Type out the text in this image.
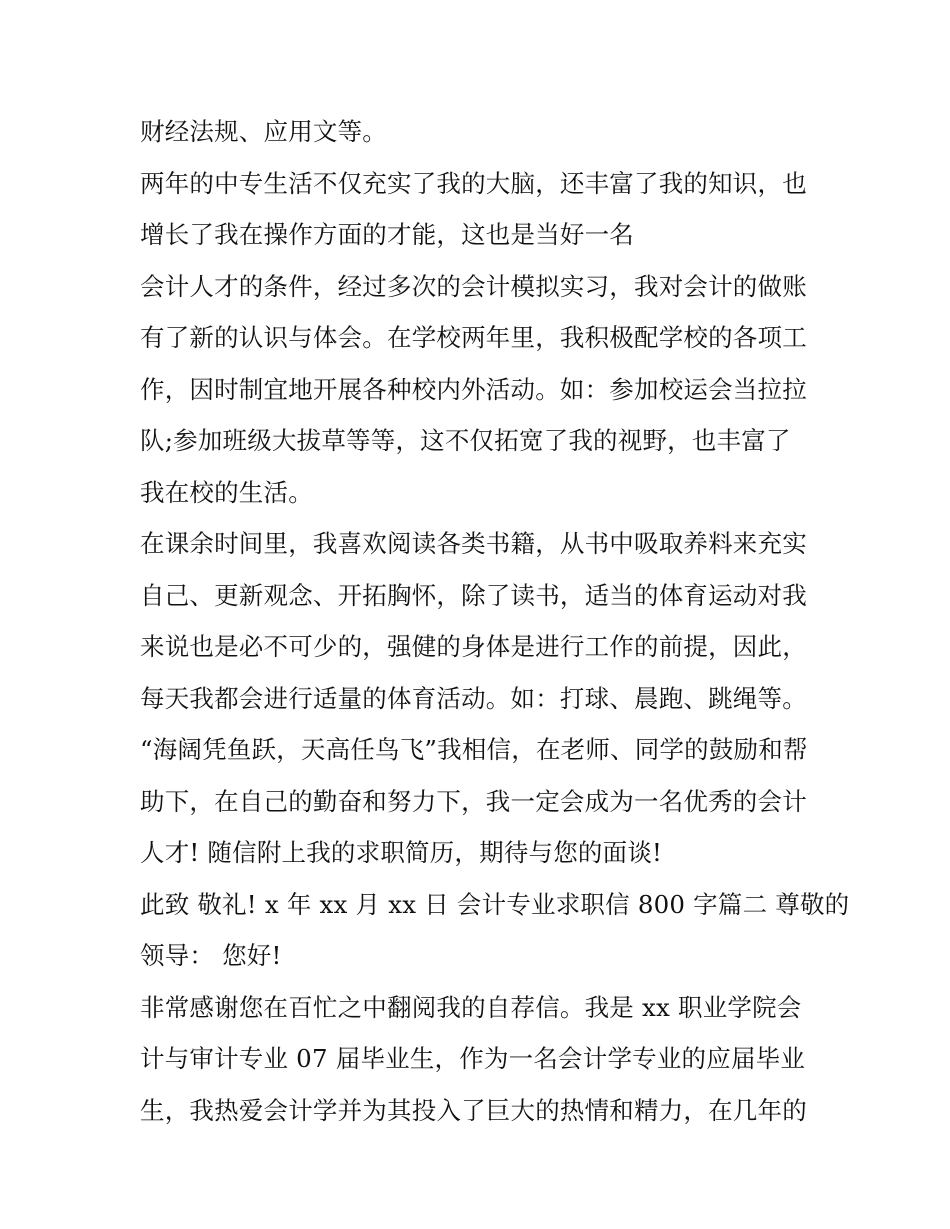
财经法规、应用文等。
两年的中专生活不仅充实了我的大脑，还丰富了我的知识，也
增长了我在操作方面的才能，这也是当好一名
会计人才的条件，经过多次的会计模拟实习，我对会计的做账
有了新的认识与体会。在学校两年里，我积极配学校的各项工
作，因时制宜地开展各种校内外活动。如：参加校运会当拉拉
队;参加班级大拔草等等，这不仅拓宽了我的视野，也丰富了
我在校的生活。
在课余时间里，我喜欢阅读各类书籍，从书中吸取养料来充实
自己、更新观念、开拓胸怀，除了读书，适当的体育运动对我
来说也是必不可少的，强健的身体是进行工作的前提，因此，
每天我都会进行适量的体育活动。如：打球、晨跑、跳绳等。
“海阔凭鱼跃，天高任鸟飞”我相信，在老师、同学的鼓励和帮
助下，在自己的勤奋和努力下，我一定会成为一名优秀的会计
人才! 随信附上我的求职简历，期待与您的面谈!
此致 敬礼! x 年 xx 月 xx 日 会计专业求职信 800 字篇二 尊敬的
领导： 您好!
非常感谢您在百忙之中翻阅我的自荐信。我是 xx 职业学院会
计与审计专业 07 届毕业生，作为一名会计学专业的应届毕业
生，我热爱会计学并为其投入了巨大的热情和精力，在几年的
